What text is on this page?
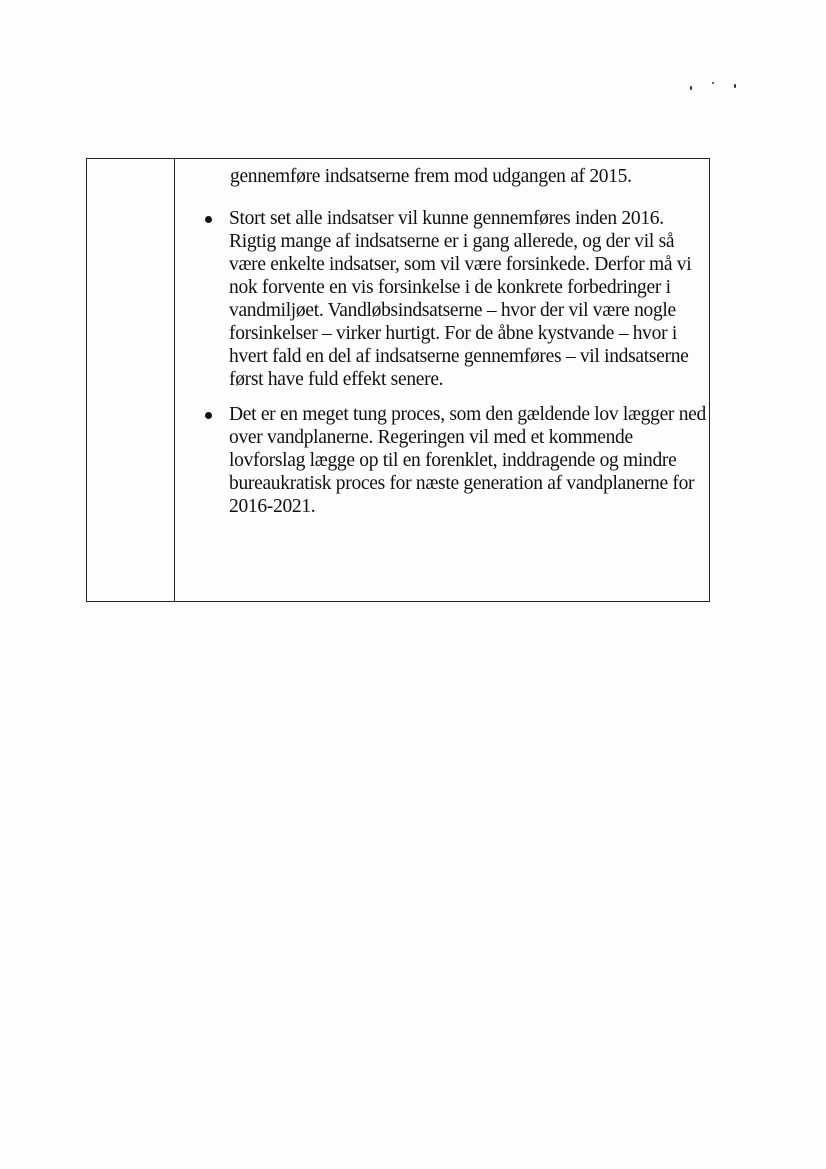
gennemføre indsatserne frem mod udgangen af 2015.
Stort set alle indsatser vil kunne gennemføres inden 2016. Rigtig mange af indsatserne er i gang allerede, og der vil så være enkelte indsatser, som vil være forsinkede. Derfor må vi nok forvente en vis forsinkelse i de konkrete forbedringer i vandmiljøet. Vandløbsindsatserne – hvor der vil være nogle forsinkelser – virker hurtigt. For de åbne kystvande – hvor i hvert fald en del af indsatserne gennemføres – vil indsatserne først have fuld effekt senere.
Det er en meget tung proces, som den gældende lov lægger ned over vandplanerne. Regeringen vil med et kommende lovforslag lægge op til en forenklet, inddragende og mindre bureaukratisk proces for næste generation af vandplanerne for 2016-2021.
